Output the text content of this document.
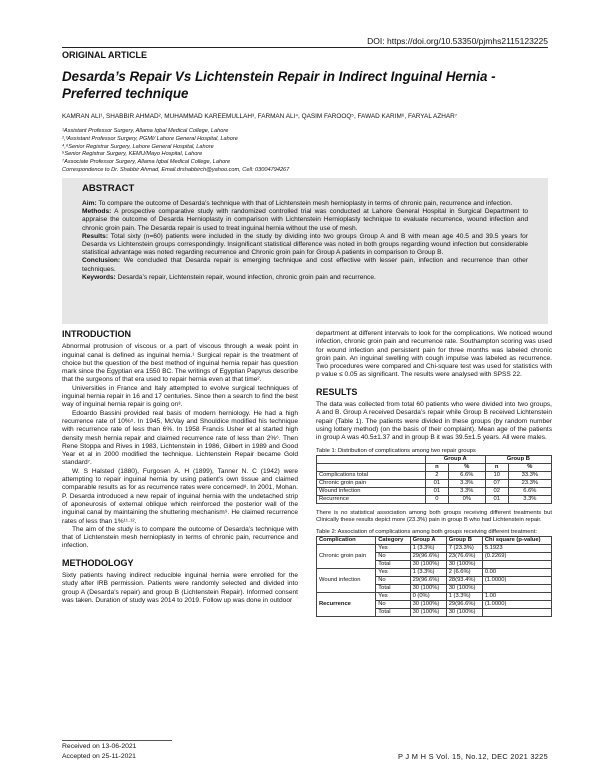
DOI: https://doi.org/10.53350/pjmhs2115123225
ORIGINAL ARTICLE
Desarda’s Repair Vs Lichtenstein Repair in Indirect Inguinal Hernia - Preferred technique
KAMRAN ALI¹, SHABBIR AHMAD², MUHAMMAD KAREEMULLAH³, FARMAN ALI⁴, QASIM FAROOQ⁵, FAWAD KARIM⁶, FARYAL AZHAR⁷
¹Assistant Professor Surgery, Allama Iqbal Medical College, Lahore
²,³Assistant Professor Surgery, PGMI/ Lahore General Hospital, Lahore
⁴,⁶Senior Registrar Surgery, Lahore General Hospital, Lahore
⁵Senior Registrar Surgery, KEMU/Mayo Hospital, Lahore
⁷Associate Professor Surgery, Allama Iqbal Medical College, Lahore
Correspondence to Dr. Shabbir Ahmad, Email.drshabbirch@yahoo.com, Cell: 03004794267
ABSTRACT

Aim: To compare the outcome of Desarda’s technique with that of Lichtenstein mesh hernioplasty in terms of chronic pain, recurrence and infection.

Methods: A prospective comparative study with randomized controlled trial was conducted at Lahore General Hospital in Surgical Department to appraise the outcome of Desarda Hernioplasty in comparison with Lichtenstein Hernioplasty technique to evaluate recurrence, wound infection and chronic groin pain. The Desarda repair is used to treat inguinal hernia without the use of mesh.

Results: Total sixty (n=60) patients were included in the study by dividing into two groups Group A and B with mean age 40.5 and 39.5 years for Desarda vs Lichtenstein groups correspondingly. Insignificant statistical difference was noted in both groups regarding wound infection but considerable statistical advantage was noted regarding recurrence and Chronic groin pain for Group A patients in comparison to Group B.

Conclusion: We concluded that Desarda repair is emerging technique and cost effective with lesser pain, infection and recurrence than other techniques.

Keywords: Desarda’s repair, Lichtenstein repair, wound infection, chronic groin pain and recurrence.

INTRODUCTION

Abnormal protrusion of viscous or a part of viscous through a weak point in inguinal canal is defined as inguinal hernia.¹ Surgical repair is the treatment of choice but the question of the best method of inguinal hernia repair has question mark since the Egyptian era 1550 BC. The writings of Egyptian Papyrus describe that the surgeons of that era used to repair hernia even at that time².

Universities in France and Italy attempted to evolve surgical techniques of inguinal hernia repair in 16 and 17 centuries. Since then a search to find the best way of inguinal hernia repair is going on³.

Edoardo Bassini provided real basis of modern herniology. He had a high recurrence rate of 10%⁵. In 1945, McVay and Shouldice modified his technique with recurrence rate of less than 6%. In 1958 Francis Usher et al started high density mesh hernia repair and claimed recurrence rate of less than 2%⁶. Then Rene Stoppa and Rives in 1983, Lichtenstein in 1986, Gilbert in 1989 and Good Year et al in 2000 modified the technique. Lichtenstein Repair became Gold standard⁷.

W. S Halsted (1880), Furgosen A. H (1899), Tanner N. C (1942) were attempting to repair inguinal hernia by using patient’s own tissue and claimed comparable results as for as recurrence rates were concerned⁸. In 2001, Mohan. P. Desarda introduced a new repair of inguinal hernia with the undetached strip of aponeurosis of external oblique which reinforced the posterior wall of the inguinal canal by maintaining the shuttering mechanism⁹. He claimed recurrence rates of less than 1%¹¹·¹².

The aim of the study is to compare the outcome of Desarda’s technique with that of Lichtenstein mesh hernioplasty in terms of chronic pain, recurrence and infection.

METHODOLOGY

Sixty patients having indirect reducible inguinal hernia were enrolled for the study after IRB permission. Patients were randomly selected and divided into group A (Desarda’s repair) and group B (Lichtenstein Repair). Informed consent was taken. Duration of study was 2014 to 2019. Follow up was done in outdoor

Received on 13-06-2021
Accepted on 25-11-2021

department at different intervals to look for the complications. We noticed wound infection, chronic groin pain and recurrence rate. Southampton scoring was used for wound infection and persistent pain for three months was labeled chronic groin pain. An inguinal swelling with cough impulse was labeled as recurrence. Two procedures were compared and Chi-square test was used for statistics with p value ≤ 0.05 as significant. The results were analysed with SPSS 22.

RESULTS

The data was collected from total 60 patients who were divided into two groups, A and B. Group A received Desarda’s repair while Group B received Lichtenstein repair (Table 1). The patients were divided in these groups (by random number using lottery method) (on the basis of their complaint). Mean age of the patients in group A was 40.5±1.37 and in group B it was 39.5±1.5 years. All were males.

Table 1: Distribution of complications among two repair groups
	Group A		Group B	
	n	%	n	%
Complications total	2	6.6%	10	33.3%
Chronic groin pain	01	3.3%	07	23.3%
Wound infection	01	3.3%	02	6.6%
Recurrence	0	0%	01	3.3%
There is no statistical association among both groups receiving different treatments but Clinically these results depict more (23.3%) pain in group B who had Lichtenstein repair.
Table 2: Association of complications among both groups receiving different treatment:
Complication	Category	Group A	Group B	Chi square (p-value)
Chronic groin pain	Yes	1 (3.3%)	7 (23.3%)	5.1923
	No	29(96.6%)	23(76.6%)	(0.2269)
	Total	30 (100%)	30 (100%)	
Wound infection	Yes	1 (3.3%)	2 (6.6%)	0.00
	No	29(96.6%)	28(93.4%)	(1.0000)
	Total	30 (100%)	30 (100%)	
Recurrence	Yes	0 (0%)	1 (3.3%)	1.00
	No	30 (100%)	29(96.6%)	(1.0000)
	Total	30 (100%)	30 (100%)	
P J M H S Vol. 15, No.12, DEC 2021 3225
